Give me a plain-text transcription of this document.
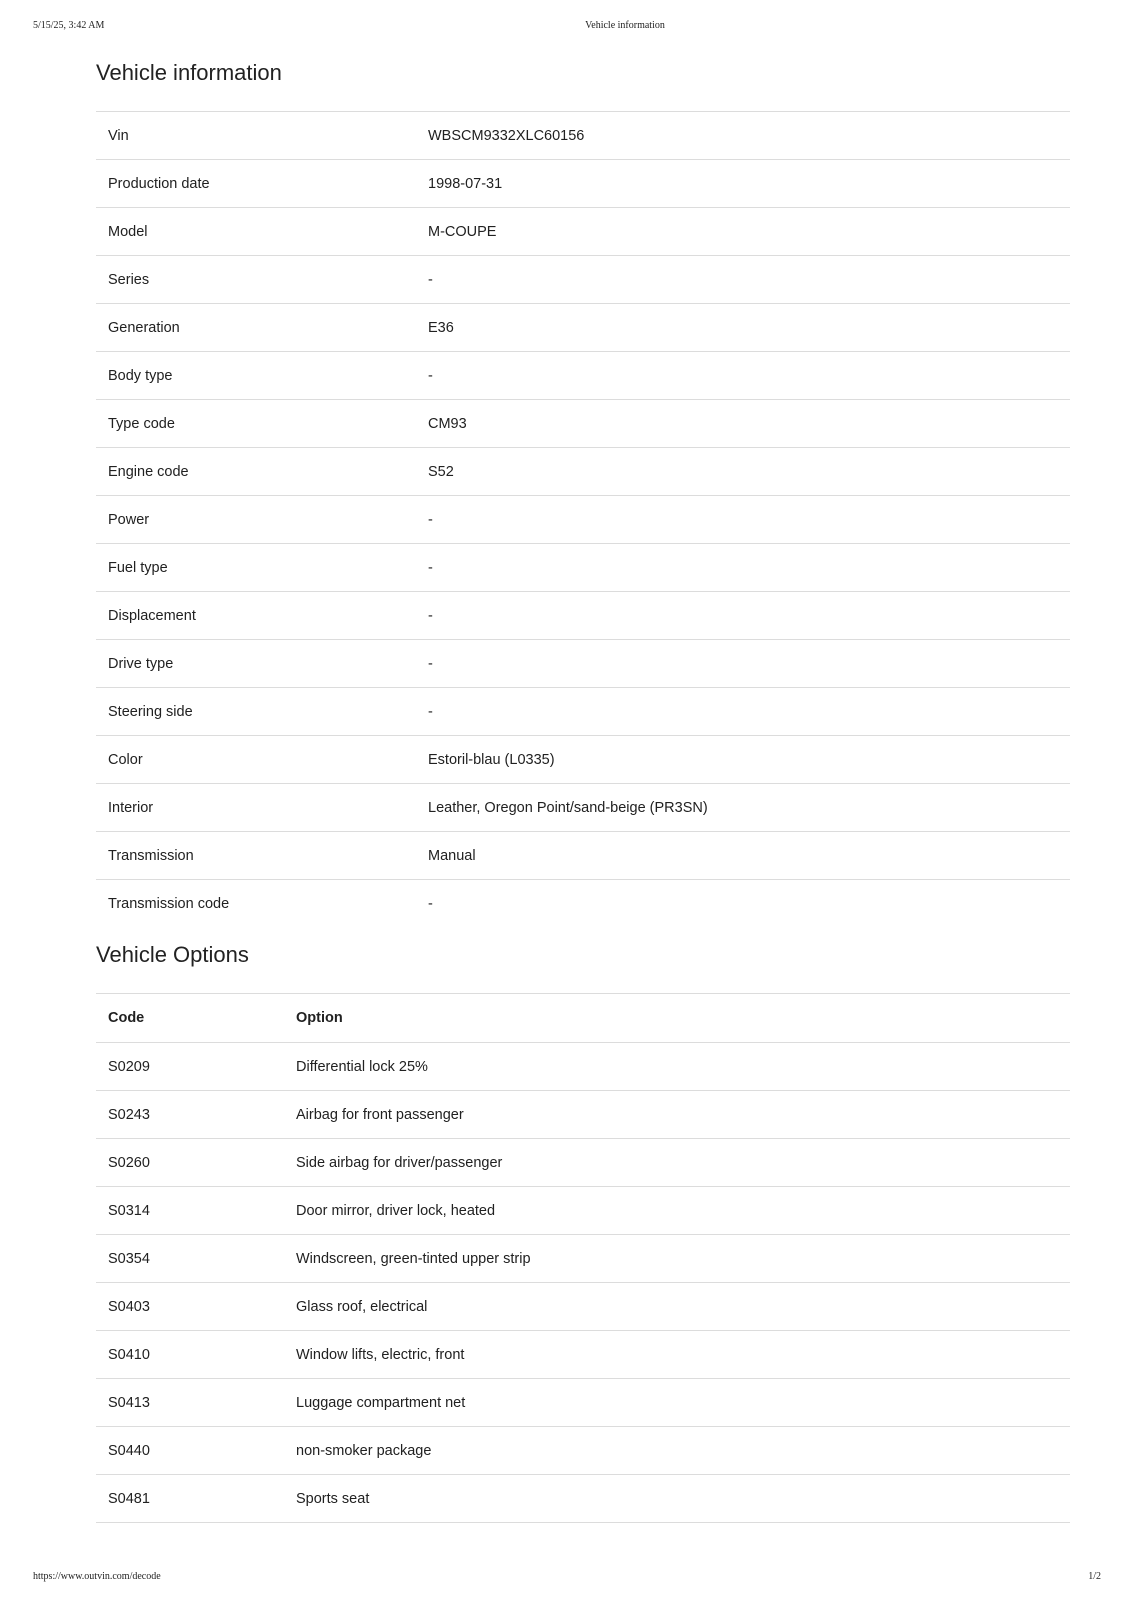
5/15/25, 3:42 AM	Vehicle information
Vehicle information
Vin	WBSCM9332XLC60156
Production date	1998-07-31
Model	M-COUPE
Series	-
Generation	E36
Body type	-
Type code	CM93
Engine code	S52
Power	-
Fuel type	-
Displacement	-
Drive type	-
Steering side	-
Color	Estoril-blau (L0335)
Interior	Leather, Oregon Point/sand-beige (PR3SN)
Transmission	Manual
Transmission code	-
Vehicle Options
Code	Option
S0209	Differential lock 25%
S0243	Airbag for front passenger
S0260	Side airbag for driver/passenger
S0314	Door mirror, driver lock, heated
S0354	Windscreen, green-tinted upper strip
S0403	Glass roof, electrical
S0410	Window lifts, electric, front
S0413	Luggage compartment net
S0440	non-smoker package
S0481	Sports seat
https://www.outvin.com/decode	1/2
